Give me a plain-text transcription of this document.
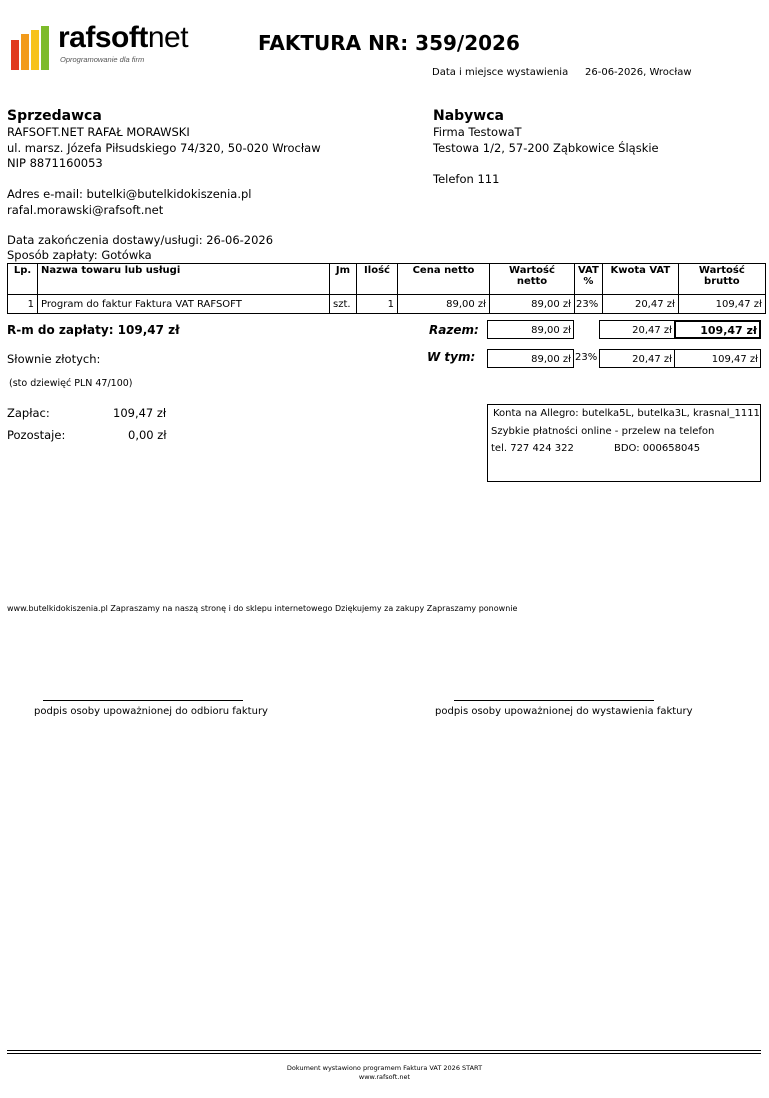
rafsoftnet
Oprogramowanie dla firm
FAKTURA NR: 359/2026
Data i miejsce wystawienia 26-06-2026, Wrocław
Sprzedawca
RAFSOFT.NET RAFAŁ MORAWSKI
ul. marsz. Józefa Piłsudskiego 74/320, 50-020 Wrocław
NIP 8871160053
Adres e-mail: butelki@butelkidokiszenia.pl
rafal.morawski@rafsoft.net
Nabywca
Firma TestowaT
Testowa 1/2, 57-200 Ząbkowice Śląskie
Telefon 111
Data zakończenia dostawy/usługi: 26-06-2026
Sposób zapłaty: Gotówka
Lp.	Nazwa towaru lub usługi	Jm	Ilość	Cena netto	Wartość netto	VAT %	Kwota VAT	Wartość brutto
1	Program do faktur Faktura VAT RAFSOFT	szt.	1	89,00 zł	89,00 zł	23%	20,47 zł	109,47 zł
R-m do zapłaty: 109,47 zł	Razem:	89,00 zł	20,47 zł	109,47 zł
Słownie złotych:	W tym:	89,00 zł 23%	20,47 zł	109,47 zł
(sto dziewięć PLN 47/100)
Zapłac:	109,47 zł
Pozostaje:	0,00 zł
Konta na Allegro: butelka5L, butelka3L, krasnal_1111
Szybkie płatności online - przelew na telefon
tel. 727 424 322	BDO: 000658045
www.butelkidokiszenia.pl Zapraszamy na naszą stronę i do sklepu internetowego Dziękujemy za zakupy Zapraszamy ponownie
podpis osoby upoważnionej do odbioru faktury	podpis osoby upoważnionej do wystawienia faktury
Dokument wystawiono programem Faktura VAT 2026 START
www.rafsoft.net
